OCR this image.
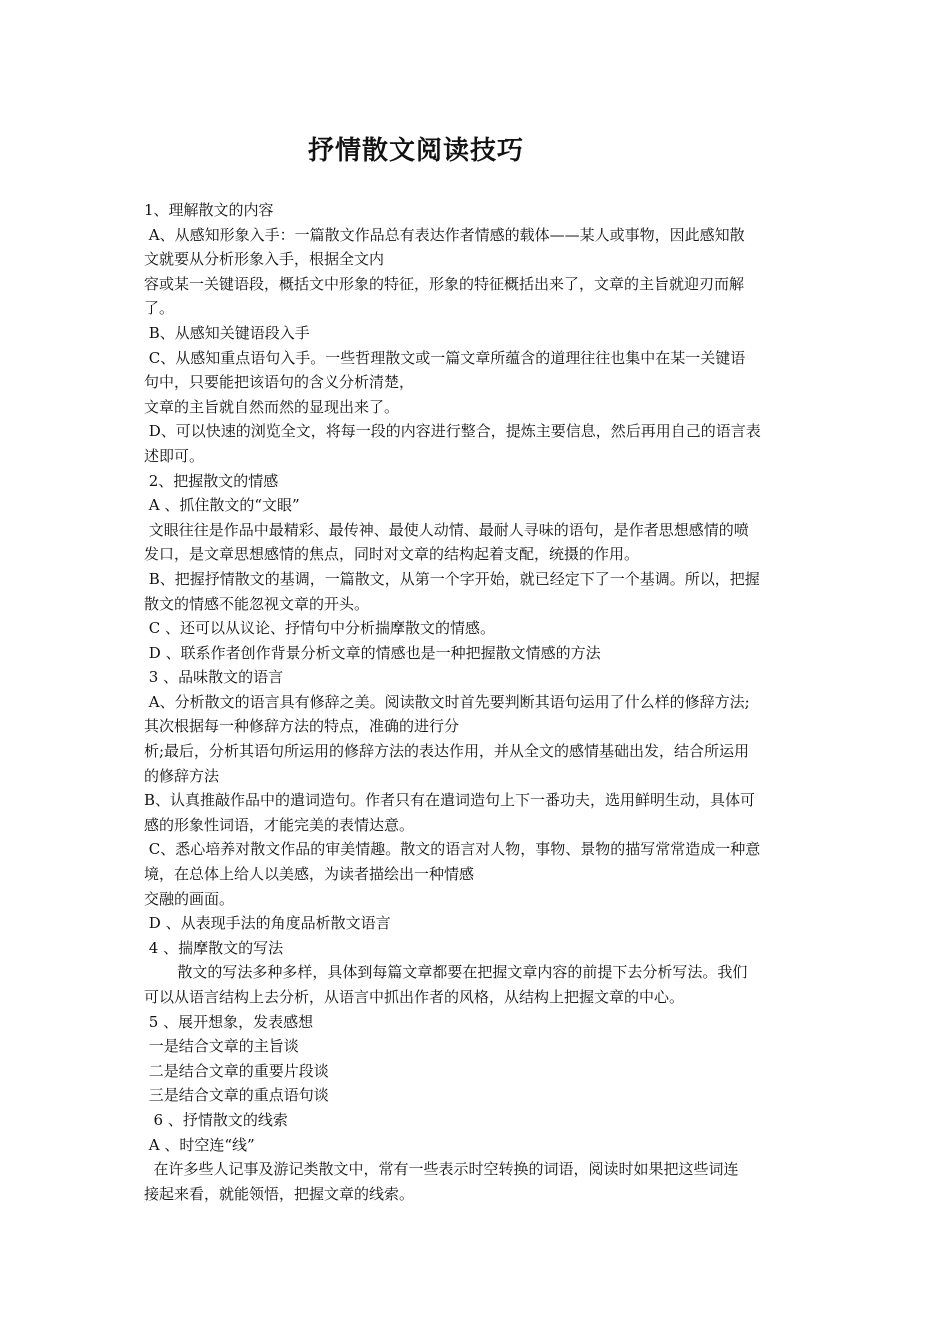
抒情散文阅读技巧
1、理解散文的内容
A、从感知形象入手：一篇散文作品总有表达作者情感的载体——某人或事物，因此感知散
文就要从分析形象入手，根据全文内
容或某一关键语段，概括文中形象的特征，形象的特征概括出来了，文章的主旨就迎刃而解
了。
B、从感知关键语段入手
C、从感知重点语句入手。一些哲理散文或一篇文章所蕴含的道理往往也集中在某一关键语
句中，只要能把该语句的含义分析清楚，
文章的主旨就自然而然的显现出来了。
D、可以快速的浏览全文，将每一段的内容进行整合，提炼主要信息，然后再用自己的语言表
述即可。
2、把握散文的情感
A 、抓住散文的“文眼”
文眼往往是作品中最精彩、最传神、最使人动情、最耐人寻味的语句，是作者思想感情的喷
发口，是文章思想感情的焦点，同时对文章的结构起着支配，统摄的作用。
B、把握抒情散文的基调，一篇散文，从第一个字开始，就已经定下了一个基调。所以，把握
散文的情感不能忽视文章的开头。
C 、还可以从议论、抒情句中分析揣摩散文的情感。
D 、联系作者创作背景分析文章的情感也是一种把握散文情感的方法
3 、品味散文的语言
A、分析散文的语言具有修辞之美。阅读散文时首先要判断其语句运用了什么样的修辞方法;
其次根据每一种修辞方法的特点，准确的进行分
析;最后，分析其语句所运用的修辞方法的表达作用，并从全文的感情基础出发，结合所运用
的修辞方法
B、认真推敲作品中的遣词造句。作者只有在遣词造句上下一番功夫，选用鲜明生动，具体可
感的形象性词语，才能完美的表情达意。
C、悉心培养对散文作品的审美情趣。散文的语言对人物，事物、景物的描写常常造成一种意
境，在总体上给人以美感，为读者描绘出一种情感
交融的画面。
D 、从表现手法的角度品析散文语言
4 、揣摩散文的写法
散文的写法多种多样，具体到每篇文章都要在把握文章内容的前提下去分析写法。我们
可以从语言结构上去分析，从语言中抓出作者的风格，从结构上把握文章的中心。
5 、展开想象，发表感想
一是结合文章的主旨谈
二是结合文章的重要片段谈
三是结合文章的重点语句谈
6 、抒情散文的线索
A 、时空连“线”
在许多些人记事及游记类散文中，常有一些表示时空转换的词语，阅读时如果把这些词连
接起来看，就能领悟，把握文章的线索。
